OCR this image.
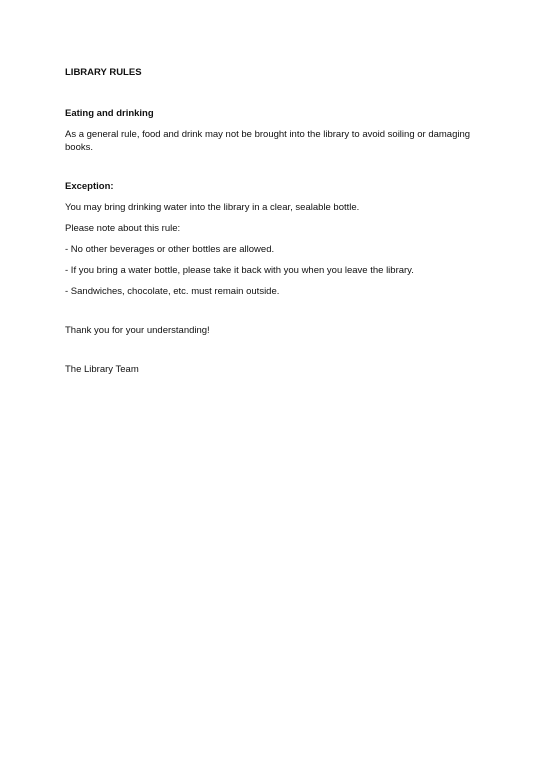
LIBRARY RULES

Eating and drinking

As a general rule, food and drink may not be brought into the library to avoid soiling or damaging books.

Exception:

You may bring drinking water into the library in a clear, sealable bottle.

Please note about this rule:

- No other beverages or other bottles are allowed.

- If you bring a water bottle, please take it back with you when you leave the library.

- Sandwiches, chocolate, etc. must remain outside.

Thank you for your understanding!

The Library Team
